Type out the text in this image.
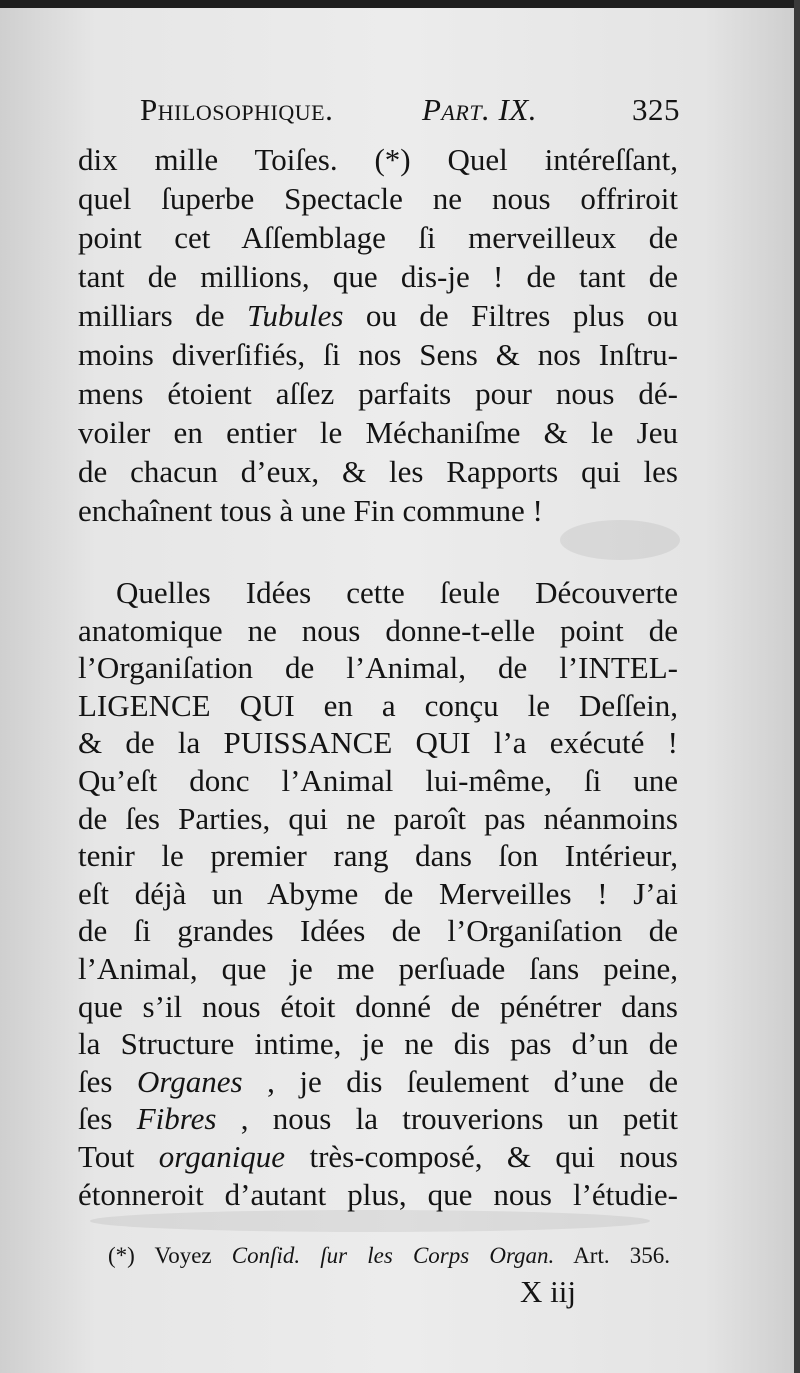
Philosophique.	Part. IX.	325
dix mille Toiſes. (*) Quel intéreſſant,
quel ſuperbe Spectacle ne nous offriroit
point cet Aſſemblage ſi merveilleux de
tant de millions, que dis-je ! de tant de
milliars de Tubules ou de Filtres plus ou
moins diverſifiés, ſi nos Sens & nos Inſtru-
mens étoient aſſez parfaits pour nous dé-
voiler en entier le Méchaniſme & le Jeu
de chacun d’eux, & les Rapports qui les
enchaînent tous à une Fin commune !
Quelles Idées cette ſeule Découverte
anatomique ne nous donne-t-elle point de
l’Organiſation de l’Animal, de l’INTEL-
LIGENCE QUI en a conçu le Deſſein,
& de la PUISSANCE QUI l’a exécuté !
Qu’eſt donc l’Animal lui-même, ſi une
de ſes Parties, qui ne paroît pas néanmoins
tenir le premier rang dans ſon Intérieur,
eſt déjà un Abyme de Merveilles ! J’ai
de ſi grandes Idées de l’Organiſation de
l’Animal, que je me perſuade ſans peine,
que s’il nous étoit donné de pénétrer dans
la Structure intime, je ne dis pas d’un de
ſes Organes , je dis ſeulement d’une de
ſes Fibres , nous la trouverions un petit
Tout organique très-composé, & qui nous
étonneroit d’autant plus, que nous l’étudie-
(*) Voyez Conſid. ſur les Corps Organ. Art. 356.
X iij
